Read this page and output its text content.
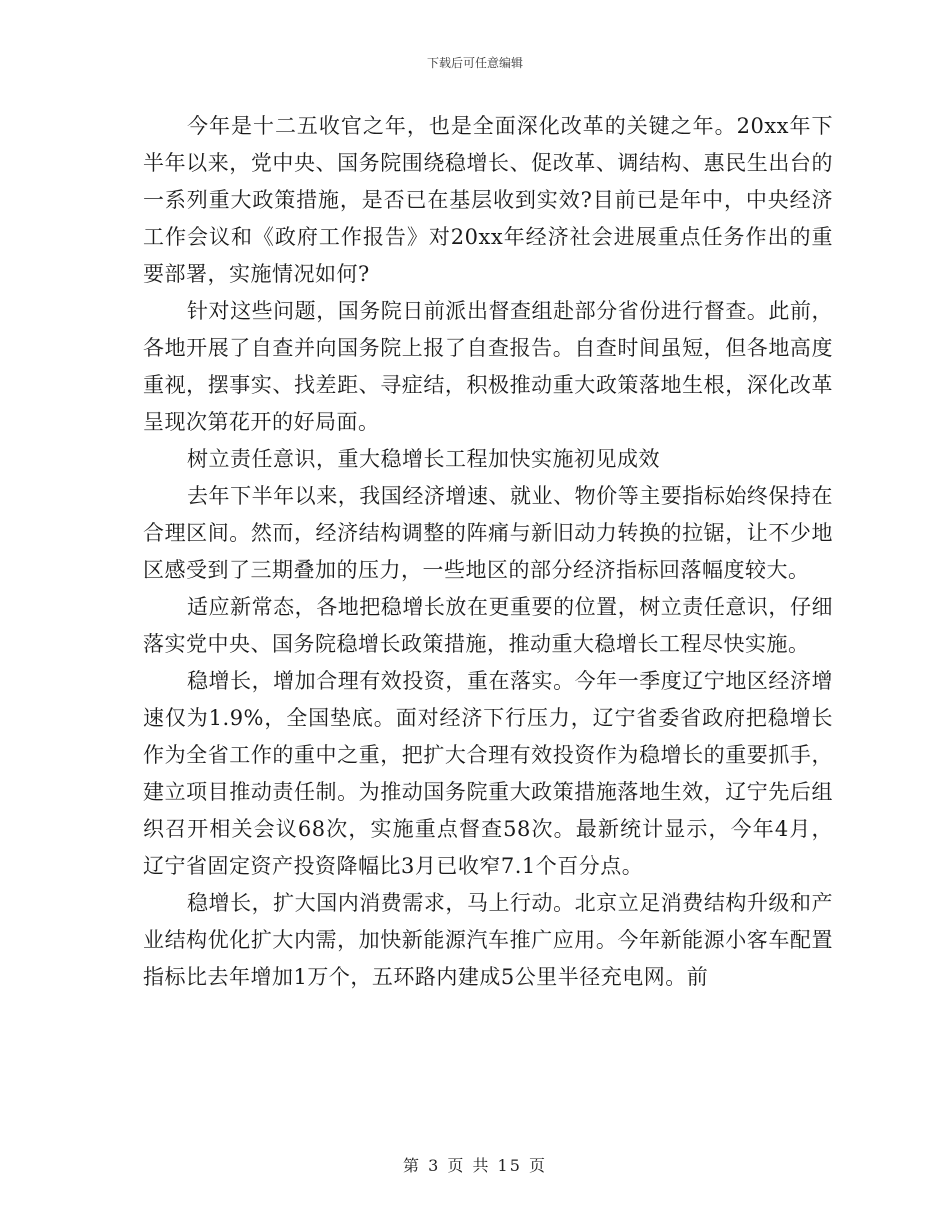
下载后可任意编辑

今年是十二五收官之年，也是全面深化改革的关键之年。20xx年下半年以来，党中央、国务院围绕稳增长、促改革、调结构、惠民生出台的一系列重大政策措施，是否已在基层收到实效?目前已是年中，中央经济工作会议和《政府工作报告》对20xx年经济社会进展重点任务作出的重要部署，实施情况如何?

针对这些问题，国务院日前派出督查组赴部分省份进行督查。此前，各地开展了自查并向国务院上报了自查报告。自查时间虽短，但各地高度重视，摆事实、找差距、寻症结，积极推动重大政策落地生根，深化改革呈现次第花开的好局面。

树立责任意识，重大稳增长工程加快实施初见成效

去年下半年以来，我国经济增速、就业、物价等主要指标始终保持在合理区间。然而，经济结构调整的阵痛与新旧动力转换的拉锯，让不少地区感受到了三期叠加的压力，一些地区的部分经济指标回落幅度较大。

适应新常态，各地把稳增长放在更重要的位置，树立责任意识，仔细落实党中央、国务院稳增长政策措施，推动重大稳增长工程尽快实施。

稳增长，增加合理有效投资，重在落实。今年一季度辽宁地区经济增速仅为1.9%，全国垫底。面对经济下行压力，辽宁省委省政府把稳增长作为全省工作的重中之重，把扩大合理有效投资作为稳增长的重要抓手，建立项目推动责任制。为推动国务院重大政策措施落地生效，辽宁先后组织召开相关会议68次，实施重点督查58次。最新统计显示，今年4月，辽宁省固定资产投资降幅比3月已收窄7.1个百分点。

稳增长，扩大国内消费需求，马上行动。北京立足消费结构升级和产业结构优化扩大内需，加快新能源汽车推广应用。今年新能源小客车配置指标比去年增加1万个，五环路内建成5公里半径充电网。前

第 3 页 共 15 页
